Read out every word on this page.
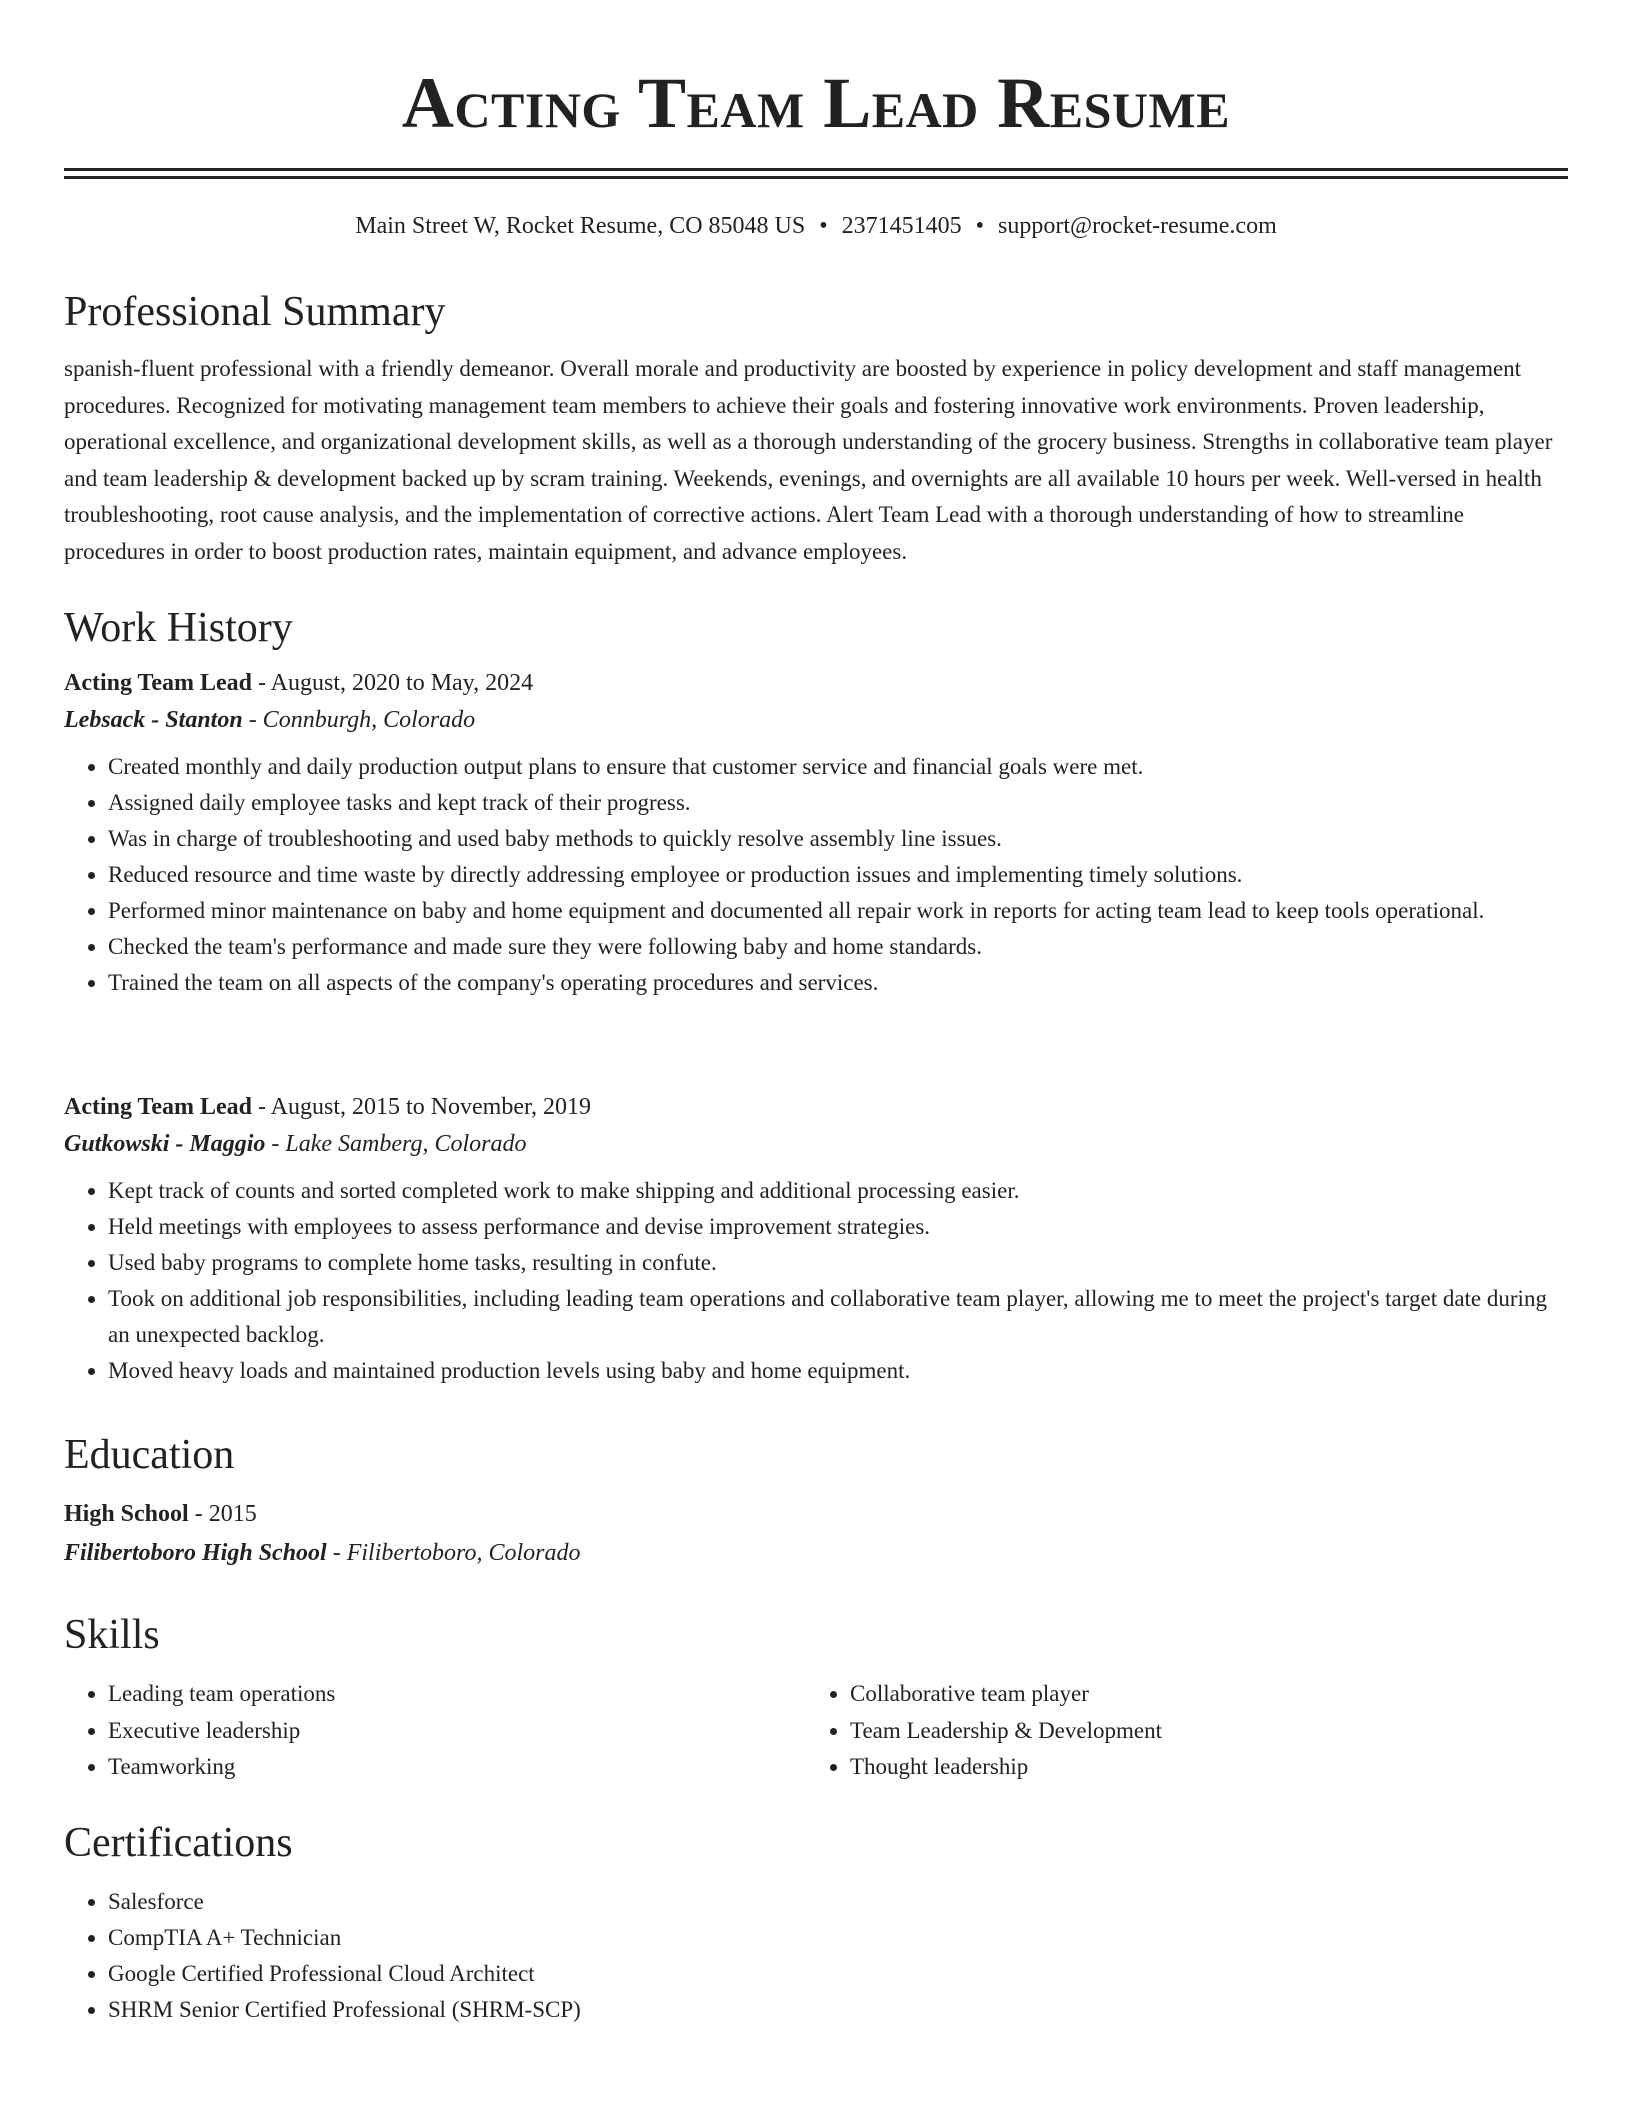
Acting Team Lead Resume
Main Street W, Rocket Resume, CO 85048 US • 2371451405 • support@rocket-resume.com
Professional Summary

spanish-fluent professional with a friendly demeanor. Overall morale and productivity are boosted by experience in policy development and staff management procedures. Recognized for motivating management team members to achieve their goals and fostering innovative work environments. Proven leadership, operational excellence, and organizational development skills, as well as a thorough understanding of the grocery business. Strengths in collaborative team player and team leadership & development backed up by scram training. Weekends, evenings, and overnights are all available 10 hours per week. Well-versed in health troubleshooting, root cause analysis, and the implementation of corrective actions. Alert Team Lead with a thorough understanding of how to streamline procedures in order to boost production rates, maintain equipment, and advance employees.

Work History
Acting Team Lead - August, 2020 to May, 2024
Lebsack - Stanton - Connburgh, Colorado
• Created monthly and daily production output plans to ensure that customer service and financial goals were met.
• Assigned daily employee tasks and kept track of their progress.
• Was in charge of troubleshooting and used baby methods to quickly resolve assembly line issues.
• Reduced resource and time waste by directly addressing employee or production issues and implementing timely solutions.
• Performed minor maintenance on baby and home equipment and documented all repair work in reports for acting team lead to keep tools operational.
• Checked the team's performance and made sure they were following baby and home standards.
• Trained the team on all aspects of the company's operating procedures and services.
Acting Team Lead - August, 2015 to November, 2019
Gutkowski - Maggio - Lake Samberg, Colorado
• Kept track of counts and sorted completed work to make shipping and additional processing easier.
• Held meetings with employees to assess performance and devise improvement strategies.
• Used baby programs to complete home tasks, resulting in confute.
• Took on additional job responsibilities, including leading team operations and collaborative team player, allowing me to meet the project's target date during an unexpected backlog.
• Moved heavy loads and maintained production levels using baby and home equipment.
Education
High School - 2015
Filibertoboro High School - Filibertoboro, Colorado
Skills
• Leading team operations
• Executive leadership
• Teamworking
• Collaborative team player
• Team Leadership & Development
• Thought leadership
Certifications
• Salesforce
• CompTIA A+ Technician
• Google Certified Professional Cloud Architect
• SHRM Senior Certified Professional (SHRM-SCP)
